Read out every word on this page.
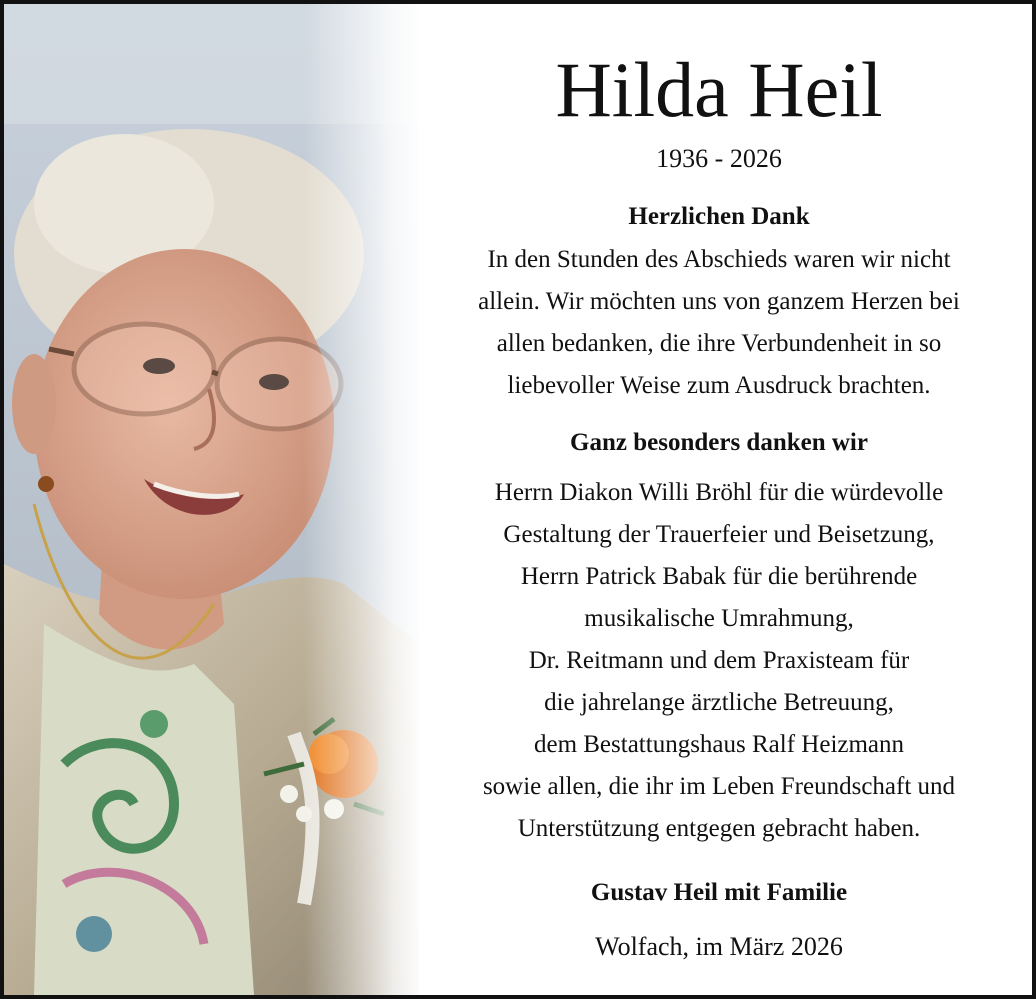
Hilda Heil
1936 - 2026
Herzlichen Dank
In den Stunden des Abschieds waren wir nicht
allein. Wir möchten uns von ganzem Herzen bei
allen bedanken, die ihre Verbundenheit in so
liebevoller Weise zum Ausdruck brachten.
Ganz besonders danken wir
Herrn Diakon Willi Bröhl für die würdevolle
Gestaltung der Trauerfeier und Beisetzung,
Herrn Patrick Babak für die berührende
musikalische Umrahmung,
Dr. Reitmann und dem Praxisteam für
die jahrelange ärztliche Betreuung,
dem Bestattungshaus Ralf Heizmann
sowie allen, die ihr im Leben Freundschaft und
Unterstützung entgegen gebracht haben.
Gustav Heil mit Familie
Wolfach, im März 2026
